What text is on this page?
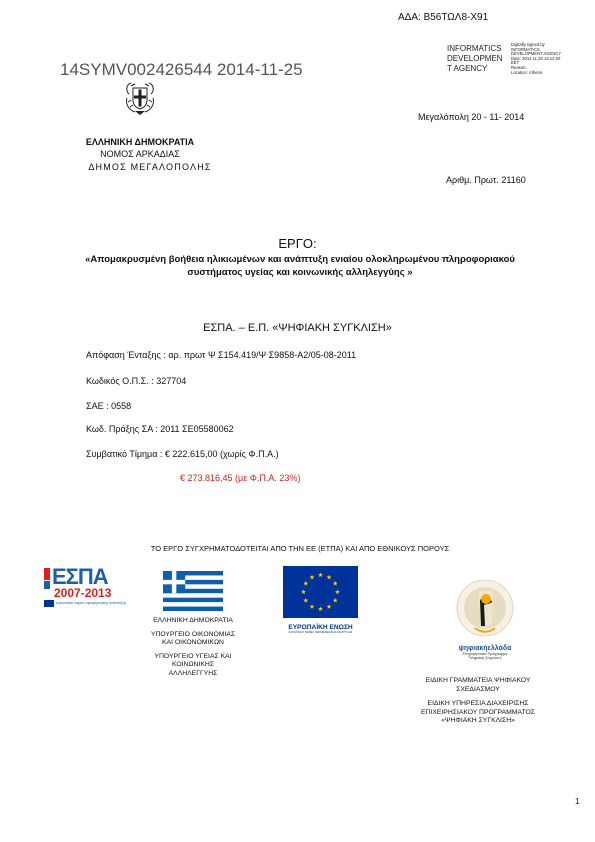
ΑΔΑ: Β56ΤΩΛ8-Χ91
14SYMV002426544 2014-11-25
INFORMATICS
DEVELOPMEN
T AGENCY
Digitally signed by
INFORMATICS
DEVELOPMENT AGENCY
Date: 2014.11.25 13:12:20
EET
Reason:
Location: Athens
ΕΛΛΗΝΙΚΗ ΔΗΜΟΚΡΑΤΙΑ
ΝΟΜΟΣ ΑΡΚΑΔΙΑΣ
ΔΗΜΟΣ ΜΕΓΑΛΟΠΟΛΗΣ
Μεγαλόπολη 20 - 11- 2014
Αριθμ. Πρωτ. 21160
ΕΡΓΟ:
«Απομακρυσμένη βοήθεια ηλικιωμένων και ανάπτυξη ενιαίου ολοκληρωμένου πληροφοριακού
συστήματος υγείας και κοινωνικής αλληλεγγύης »
ΕΣΠΑ. – Ε.Π. «ΨΗΦΙΑΚΗ ΣΥΓΚΛΙΣΗ»
Απόφαση Ένταξης : αρ. πρωτ Ψ Σ154.419/Ψ Σ9858-Α2/05-08-2011
Κωδικός Ο.Π.Σ. : 327704
ΣΑΕ : 0558
Κωδ. Πράξης ΣΑ : 2011 ΣΕ05580062
Συμβατικό Τίμημα : € 222.615,00 (χωρίς Φ.Π.Α.)
€ 273.816,45 (με Φ.Π.Α. 23%)
ΤΟ ΕΡΓΟ ΣΥΓΧΡΗΜΑΤΟΔΟΤΕΙΤΑΙ ΑΠΟ ΤΗΝ ΕΕ (ΕΤΠΑ) ΚΑΙ ΑΠΟ ΕΘΝΙΚΟΥΣ ΠΟΡΟΥΣ
ΕΣΠΑ
2007-2013
ευρωπαϊκό ταμείο περιφερειακής ανάπτυξης
ΕΛΛΗΝΙΚΗ ΔΗΜΟΚΡΑΤΙΑ
ΥΠΟΥΡΓΕΙΟ ΟΙΚΟΝΟΜΙΑΣ
ΚΑΙ ΟΙΚΟΝΟΜΙΚΩΝ
ΥΠΟΥΡΓΕΙΟ ΥΓΕΙΑΣ ΚΑΙ
ΚΟΙΝΩΝΙΚΗΣ
ΑΛΛΗΛΕΓΓΥΗΣ
ΕΥΡΩΠΑΪΚΗ ΕΝΩΣΗ
ΕΥΡΩΠΑΪΚΟ ΤΑΜΕΙΟ ΠΕΡΙΦΕΡΕΙΑΚΗΣ ΑΝΑΠΤΥΞΗΣ
ψηφιακήελλάδα
Επιχειρησιακό Πρόγραμμα
"Ψηφιακή Σύγκλιση"
ΕΙΔΙΚΗ ΓΡΑΜΜΑΤΕΙΑ ΨΗΦΙΑΚΟΥ
ΣΧΕΔΙΑΣΜΟΥ
ΕΙΔΙΚΗ ΥΠΗΡΕΣΙΑ ΔΙΑΧΕΙΡΙΣΗΣ
ΕΠΙΧΕΙΡΗΣΙΑΚΟΥ ΠΡΟΓΡΑΜΜΑΤΟΣ
«ΨΗΦΙΑΚΗ ΣΥΓΚΛΙΣΗ»
1
